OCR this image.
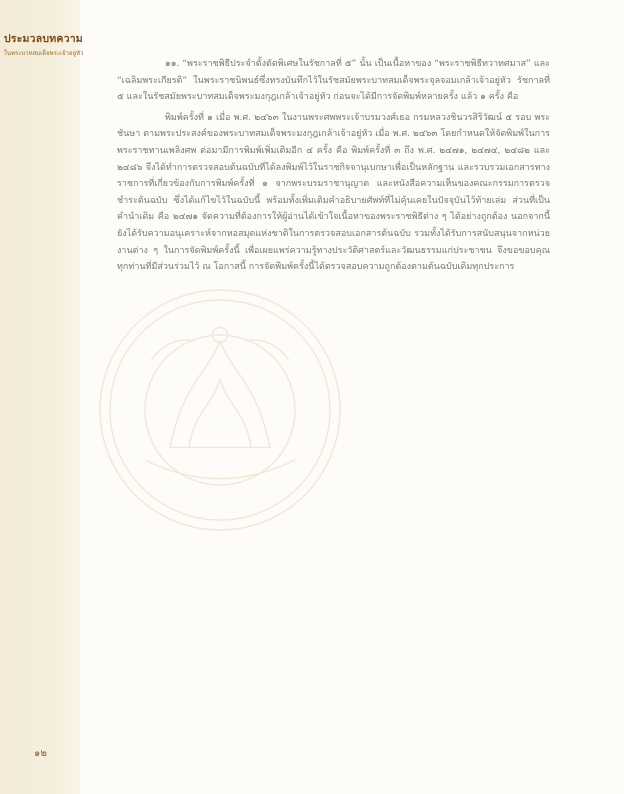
ประมวลบทความ
ในพระบาทสมเด็จพระเจ้าอยู่หัว

๑๑. “พระราชพิธีประจำตั้งตัดพิเศษในรัชกาลที่ ๕” นั้น เป็นเนื้อหาของ “พระราชพิธีทวาทศมาส” และ “เฉลิมพระเกียรติ” ในพระราชนิพนธ์ซึ่งทรงบันทึกไว้ในรัชสมัยพระบาทสมเด็จพระจุลจอมเกล้าเจ้าอยู่หัว รัชกาลที่ ๕ และในรัชสมัยพระบาทสมเด็จพระมงกุฎเกล้าเจ้าอยู่หัว ก่อนจะได้มีการจัดพิมพ์หลายครั้ง แล้ว ๑ ครั้ง คือ

พิมพ์ครั้งที่ ๑ เมื่อ พ.ศ. ๒๔๖๓ ในงานพระศพพระเจ้าบรมวงศ์เธอ กรมหลวงชินวรสิริวัฒน์ ๕ รอบ พระชันษา ตามพระประสงค์ของพระบาทสมเด็จพระมงกุฎเกล้าเจ้าอยู่หัว เมื่อ พ.ศ. ๒๔๖๓ โดยกำหนดให้จัดพิมพ์ในการพระราชทานเพลิงศพ ต่อมามีการพิมพ์เพิ่มเติมอีก ๔ ครั้ง คือ พิมพ์ครั้งที่ ๓ ถึง พ.ศ. ๒๔๗๑, ๒๔๗๔, ๒๔๘๒ และ ๒๔๘๖ จึงได้ทำการตรวจสอบต้นฉบับที่ได้ลงพิมพ์ไว้ในราชกิจจานุเบกษาเพื่อเป็นหลักฐาน และรวบรวมเอกสารทางราชการที่เกี่ยวข้องกับการพิมพ์ครั้งที่ ๑ จากพระบรมราชานุญาต และหนังสือความเห็นของคณะกรรมการตรวจชำระต้นฉบับ ซึ่งได้แก้ไขไว้ในฉบับนี้ พร้อมทั้งเพิ่มเติมคำอธิบายศัพท์ที่ไม่คุ้นเคยในปัจจุบันไว้ท้ายเล่ม ส่วนที่เป็นคำนำเดิม คือ ๒๔๗๑ จัดความที่ต้องการให้ผู้อ่านได้เข้าใจเนื้อหาของพระราชพิธีต่าง ๆ ได้อย่างถูกต้อง นอกจากนี้ยังได้รับความอนุเคราะห์จากหอสมุดแห่งชาติในการตรวจสอบเอกสารต้นฉบับ รวมทั้งได้รับการสนับสนุนจากหน่วยงานต่าง ๆ ในการจัดพิมพ์ครั้งนี้ เพื่อเผยแพร่ความรู้ทางประวัติศาสตร์และวัฒนธรรมแก่ประชาชน จึงขอขอบคุณทุกท่านที่มีส่วนร่วมไว้ ณ โอกาสนี้ การจัดพิมพ์ครั้งนี้ได้ตรวจสอบความถูกต้องตามต้นฉบับเดิมทุกประการ

๑๒
